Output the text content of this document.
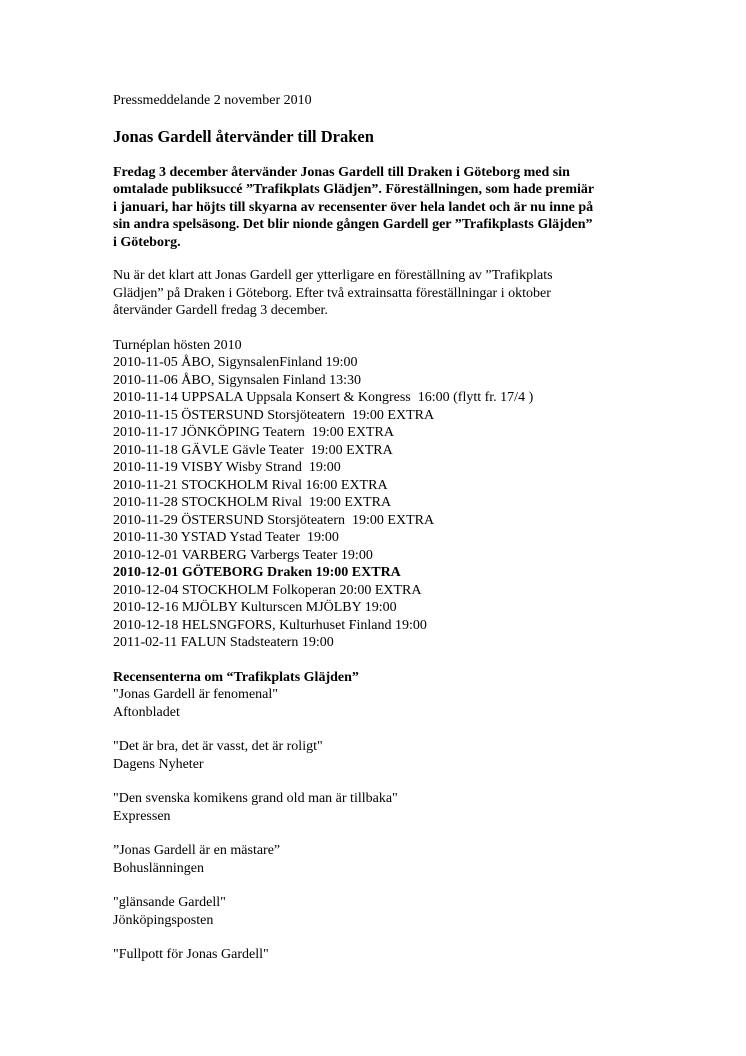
Pressmeddelande 2 november 2010
Jonas Gardell återvänder till Draken
Fredag 3 december återvänder Jonas Gardell till Draken i Göteborg med sin
omtalade publiksuccé ”Trafikplats Glädjen”. Föreställningen, som hade premiär
i januari, har höjts till skyarna av recensenter över hela landet och är nu inne på
sin andra spelsäsong. Det blir nionde gången Gardell ger ”Trafikplasts Gläjden”
i Göteborg.
Nu är det klart att Jonas Gardell ger ytterligare en föreställning av ”Trafikplats
Glädjen” på Draken i Göteborg. Efter två extrainsatta föreställningar i oktober
återvänder Gardell fredag 3 december.
Turnéplan hösten 2010
2010-11-05 ÅBO, SigynsalenFinland 19:00
2010-11-06 ÅBO, Sigynsalen Finland 13:30
2010-11-14 UPPSALA Uppsala Konsert & Kongress  16:00 (flytt fr. 17/4 )
2010-11-15 ÖSTERSUND Storsjöteatern  19:00 EXTRA
2010-11-17 JÖNKÖPING Teatern  19:00 EXTRA
2010-11-18 GÄVLE Gävle Teater  19:00 EXTRA
2010-11-19 VISBY Wisby Strand  19:00
2010-11-21 STOCKHOLM Rival 16:00 EXTRA
2010-11-28 STOCKHOLM Rival  19:00 EXTRA
2010-11-29 ÖSTERSUND Storsjöteatern  19:00 EXTRA
2010-11-30 YSTAD Ystad Teater  19:00
2010-12-01 VARBERG Varbergs Teater 19:00
2010-12-01 GÖTEBORG Draken 19:00 EXTRA
2010-12-04 STOCKHOLM Folkoperan 20:00 EXTRA
2010-12-16 MJÖLBY Kulturscen MJÖLBY 19:00
2010-12-18 HELSNGFORS, Kulturhuset Finland 19:00
2011-02-11 FALUN Stadsteatern 19:00
Recensenterna om “Trafikplats Gläjden”
"Jonas Gardell är fenomenal"
Aftonbladet
"Det är bra, det är vasst, det är roligt"
Dagens Nyheter
"Den svenska komikens grand old man är tillbaka"
Expressen
”Jonas Gardell är en mästare”
Bohuslänningen
"glänsande Gardell"
Jönköpingsposten
"Fullpott för Jonas Gardell"
